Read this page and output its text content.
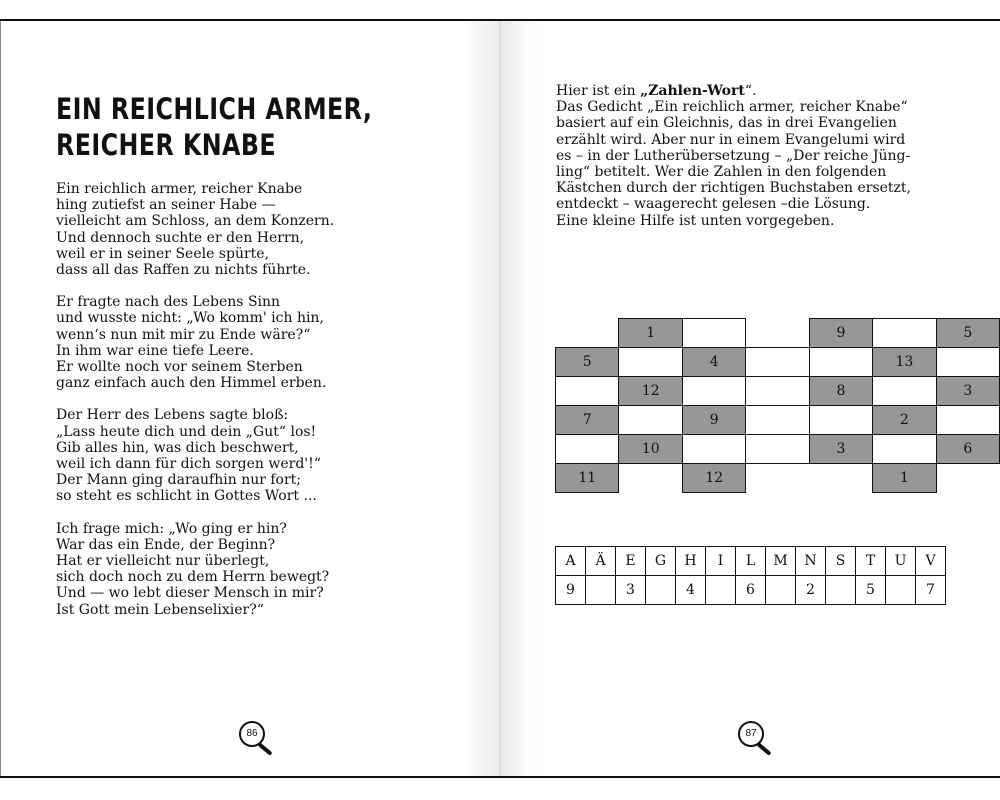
EIN REICHLICH ARMER,
REICHER KNABE
Ein reichlich armer, reicher Knabe
hing zutiefst an seiner Habe —
vielleicht am Schloss, an dem Konzern.
Und dennoch suchte er den Herrn,
weil er in seiner Seele spürte,
dass all das Raffen zu nichts führte.
Er fragte nach des Lebens Sinn
und wusste nicht: „Wo komm' ich hin,
wenn‘s nun mit mir zu Ende wäre?“
In ihm war eine tiefe Leere.
Er wollte noch vor seinem Sterben
ganz einfach auch den Himmel erben.
Der Herr des Lebens sagte bloß:
„Lass heute dich und dein „Gut“ los!
Gib alles hin, was dich beschwert,
weil ich dann für dich sorgen werd'!“
Der Mann ging daraufhin nur fort;
so steht es schlicht in Gottes Wort ...
Ich frage mich: „Wo ging er hin?
War das ein Ende, der Beginn?
Hat er vielleicht nur überlegt,
sich doch noch zu dem Herrn bewegt?
Und — wo lebt dieser Mensch in mir?
Ist Gott mein Lebenselixier?“
86
Hier ist ein „Zahlen-Wort“.
Das Gedicht „Ein reichlich armer, reicher Knabe“
basiert auf ein Gleichnis, das in drei Evangelien
erzählt wird. Aber nur in einem Evangelumi wird
es – in der Lutherübersetzung – „Der reiche Jüng-
ling“ betitelt. Wer die Zahlen in den folgenden
Kästchen durch der richtigen Buchstaben ersetzt,
entdeckt – waagerecht gelesen –die Lösung.
Eine kleine Hilfe ist unten vorgegeben.
	1			9		5
5		4			13	
	12			8		3
7		9			2	
	10			3		6
11		12			1	
A	Ä	E	G	H	I	L	M	N	S	T	U	V
9		3		4		6		2		5		7
87
